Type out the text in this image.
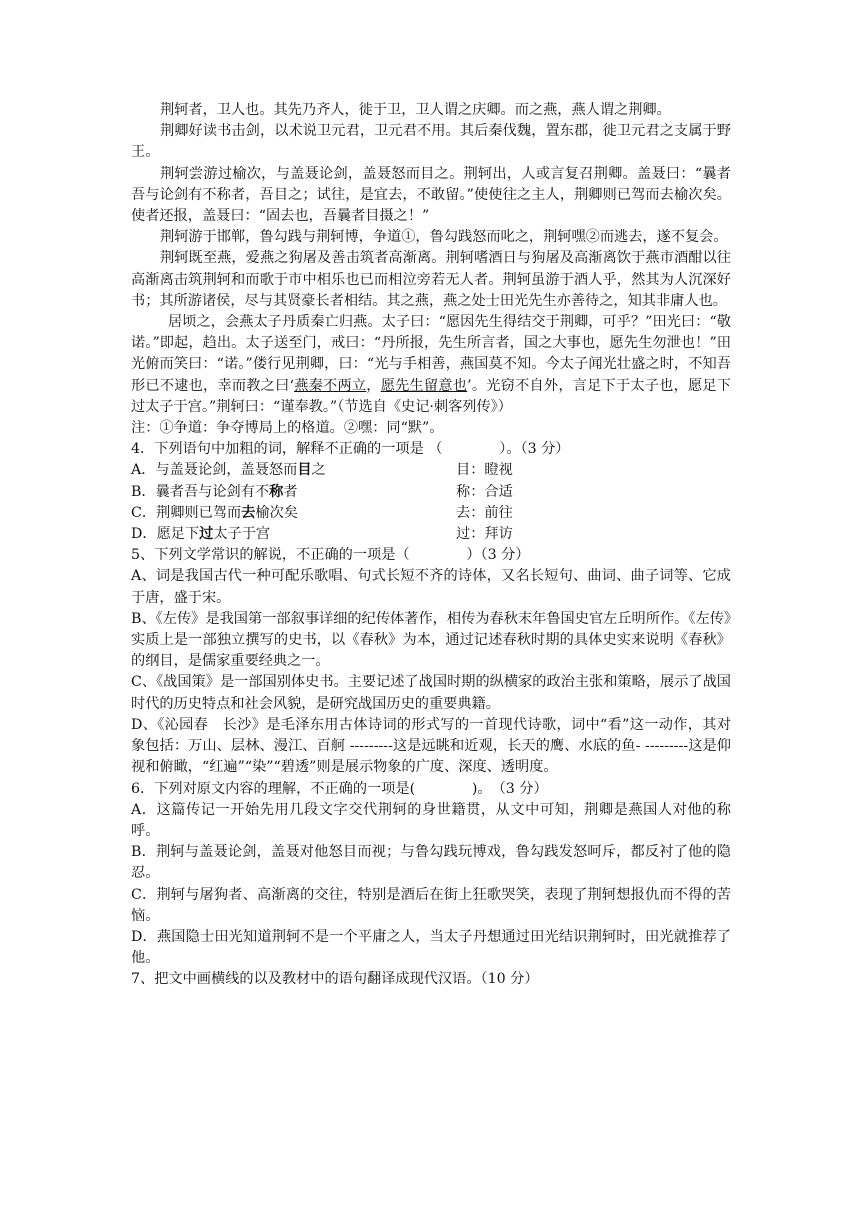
荆轲者，卫人也。其先乃齐人，徙于卫，卫人谓之庆卿。而之燕，燕人谓之荆卿。

荆卿好读书击剑，以术说卫元君，卫元君不用。其后秦伐魏，置东郡，徙卫元君之支属于野王。

荆轲尝游过榆次，与盖聂论剑，盖聂怒而目之。荆轲出，人或言复召荆卿。盖聂曰：“曩者吾与论剑有不称者，吾目之；试往，是宜去，不敢留。”使使往之主人，荆卿则已驾而去榆次矣。使者还报，盖聂曰：“固去也，吾曩者目摄之！”

荆轲游于邯郸，鲁勾践与荆轲博，争道①，鲁勾践怒而叱之，荆轲嘿②而逃去，遂不复会。

荆轲既至燕，爱燕之狗屠及善击筑者高渐离。荆轲嗜酒日与狗屠及高渐离饮于燕市酒酣以往高渐离击筑荆轲和而歌于市中相乐也已而相泣旁若无人者。荆轲虽游于酒人乎，然其为人沉深好书；其所游诸侯，尽与其贤豪长者相结。其之燕，燕之处士田光先生亦善待之，知其非庸人也。

居顷之，会燕太子丹质秦亡归燕。太子曰：“愿因先生得结交于荆卿，可乎？”田光曰：“敬诺。”即起，趋出。太子送至门，戒曰：“丹所报，先生所言者，国之大事也，愿先生勿泄也！”田光俯而笑曰：“诺。”偻行见荆卿，曰：“光与手相善，燕国莫不知。今太子闻光壮盛之时，不知吾形已不逮也，幸而教之曰‘燕秦不两立，愿先生留意也’。光窃不自外，言足下于太子也，愿足下过太子于宫。”荆轲曰：“谨奉教。”（节选自《史记·刺客列传》）

注：①争道：争夺博局上的格道。②嘿：同“默”。

4．下列语句中加粗的词，解释不正确的一项是 （　　　　）。（3 分）

A．与盖聂论剑，盖聂怒而目之	目：瞪视
B．曩者吾与论剑有不称者	称：合适
C．荆卿则已驾而去榆次矣	去：前往
D．愿足下过太子于宫	过：拜访

5、下列文学常识的解说，不正确的一项是（　　　　）（3 分）

A、词是我国古代一种可配乐歌唱、句式长短不齐的诗体，又名长短句、曲词、曲子词等、它成于唐，盛于宋。

B、《左传》是我国第一部叙事详细的纪传体著作，相传为春秋末年鲁国史官左丘明所作。《左传》实质上是一部独立撰写的史书，以《春秋》为本，通过记述春秋时期的具体史实来说明《春秋》的纲目，是儒家重要经典之一。

C、《战国策》是一部国别体史书。主要记述了战国时期的纵横家的政治主张和策略，展示了战国时代的历史特点和社会风貌，是研究战国历史的重要典籍。

D、《沁园春　长沙》是毛泽东用古体诗词的形式写的一首现代诗歌，词中“看”这一动作，其对象包括：万山、层林、漫江、百舸 ---------这是远眺和近观，长天的鹰、水底的鱼- ---------这是仰视和俯瞰，“红遍”“染”“碧透”则是展示物象的广度、深度、透明度。

6．下列对原文内容的理解，不正确的一项是(　　　　)。　（3 分）

A．这篇传记一开始先用几段文字交代荆轲的身世籍贯，从文中可知，荆卿是燕国人对他的称呼。

B．荆轲与盖聂论剑，盖聂对他怒目而视；与鲁勾践玩博戏，鲁勾践发怒呵斥，都反衬了他的隐忍。

C．荆轲与屠狗者、高渐离的交往，特别是酒后在街上狂歌哭笑，表现了荆轲想报仇而不得的苦恼。

D．燕国隐士田光知道荆轲不是一个平庸之人，当太子丹想通过田光结识荆轲时，田光就推荐了他。

7、把文中画横线的以及教材中的语句翻译成现代汉语。（10 分）
